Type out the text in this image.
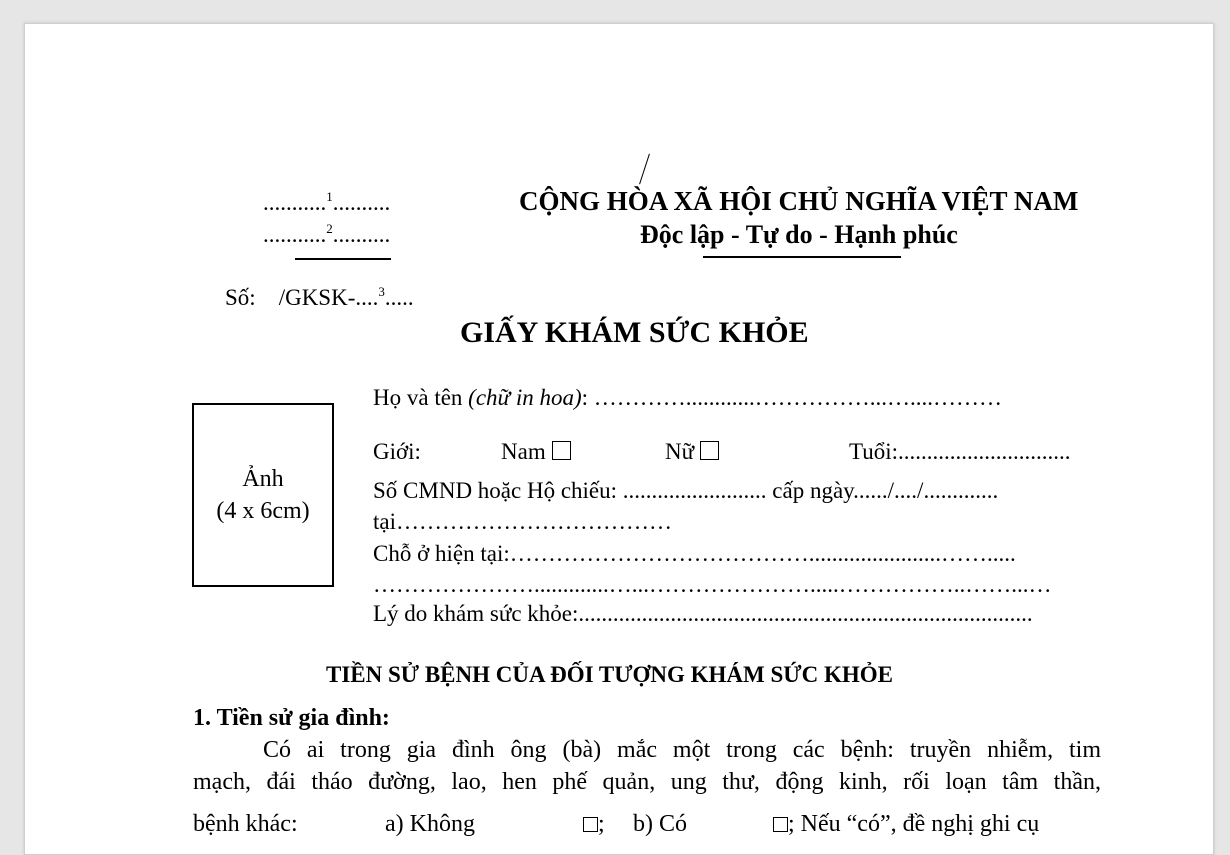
...........$^1$..........
...........$^2$..........
CỘNG HÒA XÃ HỘI CHỦ NGHĨA VIỆT NAM
Độc lập - Tự do - Hạnh phúc
Số: /GKSK-....$^3$.....
GIẤY KHÁM SỨC KHỎE
Ảnh
(4 x 6cm)
Họ và tên (chữ in hoa): …………............……………...…....………
Giới:	Nam	Nữ	Tuổi:..............................
Số CMND hoặc Hộ chiếu: ......................... cấp ngày....../..../.............
tại………………………………
Chỗ ở hiện tại:………………………………….......................…….....
………………….............…...………………….....……………..……...…
Lý do khám sức khỏe:...............................................................................
TIỀN SỬ BỆNH CỦA ĐỐI TƯỢNG KHÁM SỨC KHỎE
1. Tiền sử gia đình:
Có ai trong gia đình ông (bà) mắc một trong các bệnh: truyền nhiễm, tim
mạch, đái tháo đường, lao, hen phế quản, ung thư, động kinh, rối loạn tâm thần,
bệnh khác:	a) Không	; b) Có	; Nếu “có”, đề nghị ghi cụ
